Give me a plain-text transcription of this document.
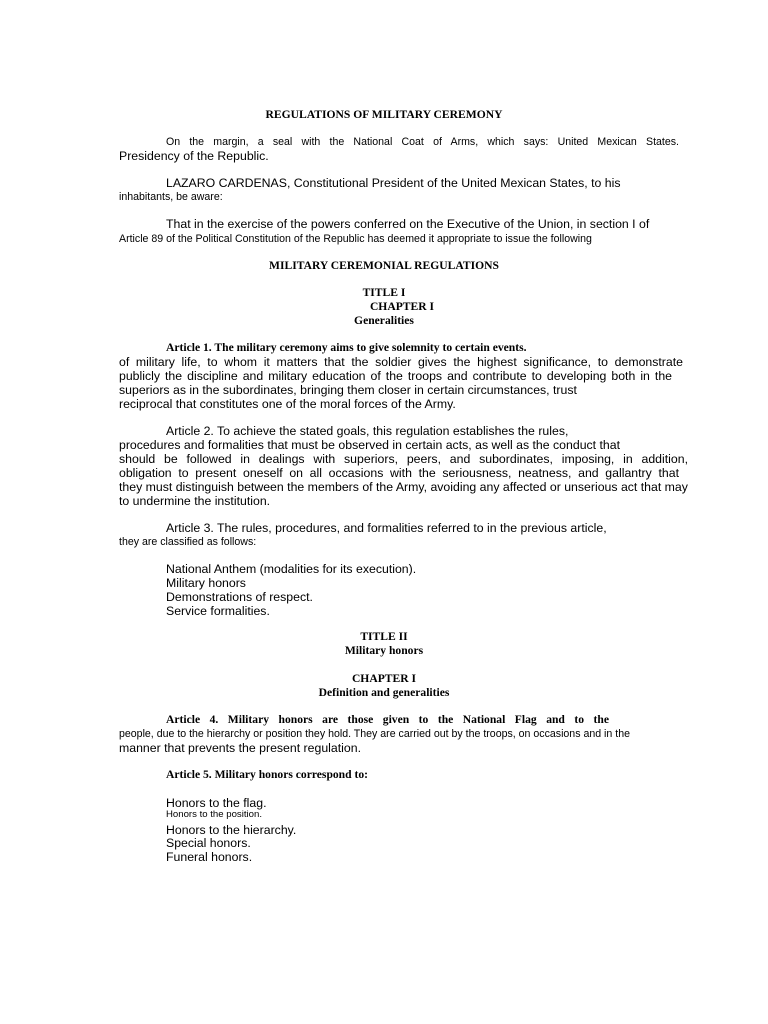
REGULATIONS OF MILITARY CEREMONY
On the margin, a seal with the National Coat of Arms, which says: United Mexican States.
Presidency of the Republic.
LAZARO CARDENAS, Constitutional President of the United Mexican States, to his
inhabitants, be aware:
That in the exercise of the powers conferred on the Executive of the Union, in section I of
Article 89 of the Political Constitution of the Republic has deemed it appropriate to issue the following
MILITARY CEREMONIAL REGULATIONS
TITLE I
CHAPTER I
Generalities
Article 1. The military ceremony aims to give solemnity to certain events.
of military life, to whom it matters that the soldier gives the highest significance, to demonstrate
publicly the discipline and military education of the troops and contribute to developing both in the
superiors as in the subordinates, bringing them closer in certain circumstances, trust
reciprocal that constitutes one of the moral forces of the Army.
Article 2. To achieve the stated goals, this regulation establishes the rules,
procedures and formalities that must be observed in certain acts, as well as the conduct that
should be followed in dealings with superiors, peers, and subordinates, imposing, in addition,
obligation to present oneself on all occasions with the seriousness, neatness, and gallantry that
they must distinguish between the members of the Army, avoiding any affected or unserious act that may
to undermine the institution.
Article 3. The rules, procedures, and formalities referred to in the previous article,
they are classified as follows:
National Anthem (modalities for its execution).
Military honors
Demonstrations of respect.
Service formalities.
TITLE II
Military honors
CHAPTER I
Definition and generalities
Article 4. Military honors are those given to the National Flag and to the
people, due to the hierarchy or position they hold. They are carried out by the troops, on occasions and in the
manner that prevents the present regulation.
Article 5. Military honors correspond to:
Honors to the flag.
Honors to the position.
Honors to the hierarchy.
Special honors.
Funeral honors.
